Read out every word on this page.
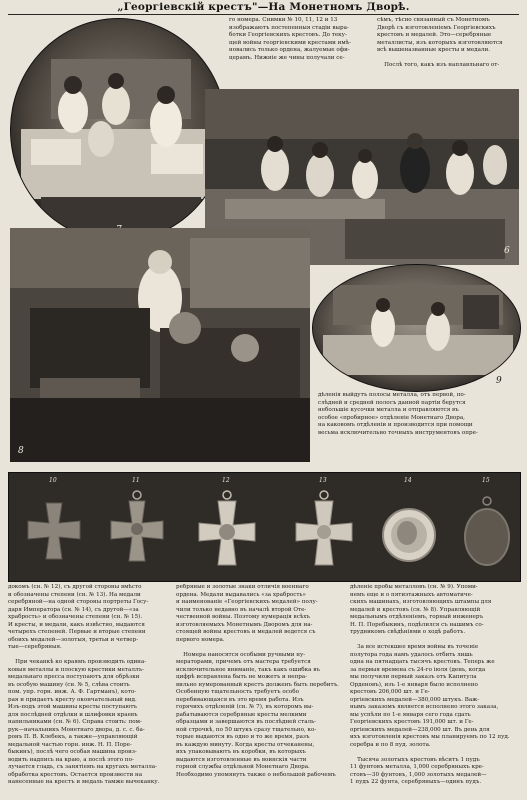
„Георгіевскій крестъ"—На Монетномъ Дворѣ.
го номера. Снимки № 10, 11, 12 и 13
изображаютъ постепенныя стадіи выра-
ботки Георгіевскихъ крестовъ. До теку-
щей войны георгіевскими крестами имѣ-
новались только ордена, жалуемые офи-
церамъ. Нижніе же чины получали се-
сѣмъ, тѣсно связанный съ Монетномъ
Дворѣ съ изготовленіемъ Георгіевскихъ
крестовъ и медалей. Это—серебряные
металлисты, изъ которыхъ изготовляются
всѣ вышеназванные кресты и медали.

Послѣ того, какъ изъ наплавльнаго от-
6
8
9
дѣленія выйдутъ полосы металла, отъ первой, по-
слѣдней и средней полосъ данной партіи берутся
небольшіе кусочки металла и отправляются въ
особое «пробирное» отдѣленіе Монетнаго Двора,
на каковомъ отдѣленіи и производится при помощи
весьма исключительно точныхъ инструментовъ опре-
10	11	12	13	14	15
докомъ (сн. № 12), съ другой стороны вмѣсто
и обозначены степени (сн. № 13). На медали
серебряной—на одной стороны портреты Госу-
даря Императора (сн. № 14), съ другой—«за
храбрость» и обозначены степени (сн. № 15).
И кресты, и медали, какъ извѣстно, выдаются
четырехъ степеней. Первые и вторые степени
обоихъ медалей—золотыя, третьи и четвер-
тые—серебряныя.

При чеканкѣ ко краямъ производить одина-
ковыя металлы и плоскую крестики металлъ-
медальнаго пресса поступаютъ для обрѣзки
въ особую машину (сн. № 5, слѣва стоить
пом. упр. горн. инж. А. Ф. Гартманъ), кото-
рая и придаетъ кресту окончательный вид.
Изъ-подъ этой машины кресты поступаютъ
для послѣдней отдѣлки и шлифовки краевъ
напильниками (сн. № 6). Справа стоить: пом-
рук—начальникъ Монетнаго двора, д. с. с. ба-
ронъ П. В. Клебекъ, а также—управляющій
медальной частью горн. инж. Н. П. Поре-
быкинъ), послѣ чего особая машина произ-
водить надпись на краю, а послѣ этого по-
лучается гладь, съ занятіемъ на кругахъ металла-
обработка крестовъ. Остается произвести на
нанесенные на крестъ и медаль тамже вычеканку.
ребряные и золотые знаки отличія военнаго
ордена. Медали выдавались «за храбрость»
и наименованіе «Георгіевскихъ медалей» полу-
чили только недавно въ началѣ второй Оте-
чественной войны. Поэтому нумерація всѣхъ
изготовляемыхъ Монетнымъ Дворомъ для на-
стоящей войны крестовъ и медалей ведется съ
первого номера.

Номера наносятся особыми ручными ну-
мераторами, причемъ отъ мастера требуется
исключительное вниманіе, такъ какъ ошибка въ
цифрѣ исправлена быть не можетъ и непра-
вильно нумерованный крестъ долженъ быть перебитъ.
Особенную тщательность требуетъ особо
перебивающаяся въ это время работа. Изъ
горячихъ отдѣленій (сн. № 7), въ которомъ вы-
рабатываются серебряные кресты мелкими
образцами и завершаются въ послѣдней сталь-
ной строчкѣ, по 50 штукъ сразу тщательно, ко-
торые выдаются въ одно и то же время, разъ
въ каждую минуту. Когда кресты отчеканены,
ихъ упаковываютъ въ коробки, въ которыхъ
выдаются изготовленные въ воинскія части
горной службы отдѣльной Монетнаго Двора.
Необходимо упомянуть также о небольшой рабочемъ
дѣленіе пробы металловъ (сн. № 9). Упоми-
немъ еще и о пятиэтажныхъ автоматиче-
скихъ машинахъ, изготовляющихъ штампы для
медалей и крестовъ (сн. № 8). Управляющій
медальнымъ отдѣленіемъ, горный инженеръ
Н. П. Поребыкинъ, подѣлился съ нашимъ со-
трудникомъ свѣдѣніями о ходѣ работъ.

За все истекшее время войны въ точеніе
полутора года намъ удалось отбить лишь
одна на пятнадцать тысячъ крестовъ. Теперь же
за первыя времена съ 24-го іюля (день, когда
мы получили первый заказъ отъ Капитула
Орденовъ), изъ 1-е января было исполнено
крестовъ 206,000 шт. и Ге-
оргіевскихъ медалей—380,000 штукъ. Важ-
нымъ заказомъ является исполнено этого заказа,
мы успѣли по 1-е января сего года сдать
Георгіевскихъ крестовъ 191,000 шт. и Ге-
оргіевскихъ медалей—238,000 шт. Въ день для
ихъ изготовленія крестовъ мы планируемъ по 12 пуд.
серебра и по 8 пуд. золота.

Тысяча золотыхъ крестовъ вѣситъ 1 пудъ
11 фунтовъ металла, 1,000 серебряныхъ кре-
стовъ—30 фунтовъ, 1,000 золотыхъ медалей—
1 пудъ 22 фунта, серебряныхъ—одинъ пудъ.
